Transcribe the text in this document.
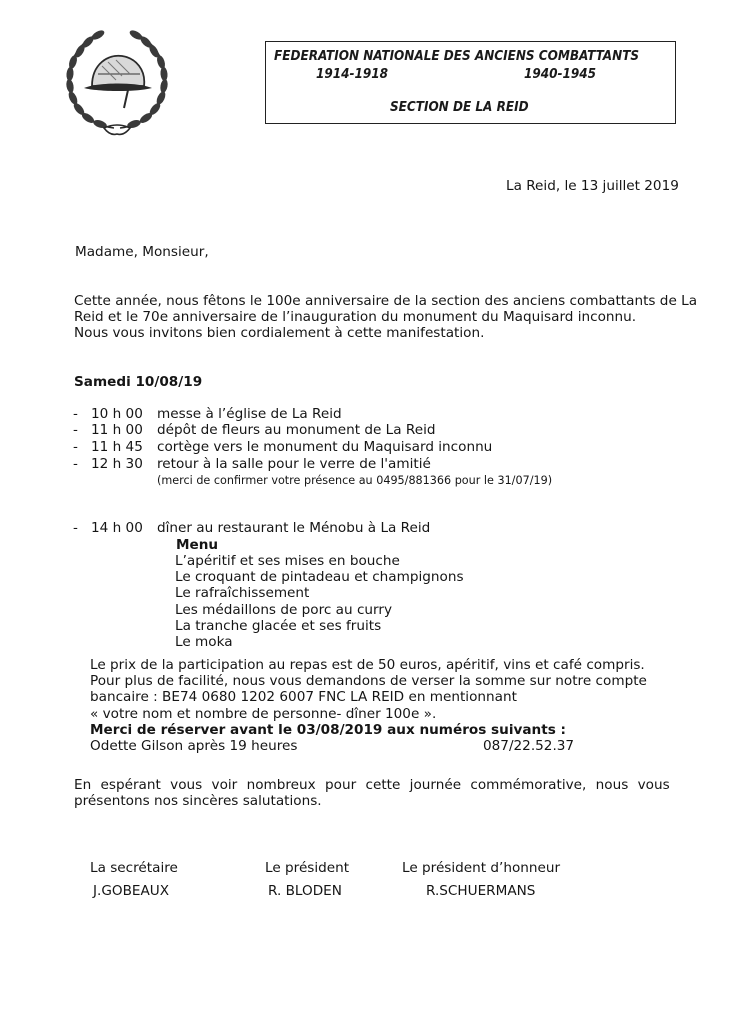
FEDERATION NATIONALE DES ANCIENS COMBATTANTS
1914-1918	1940-1945
SECTION DE LA REID
La Reid, le 13 juillet 2019
Madame, Monsieur,
Cette année, nous fêtons le 100e anniversaire de la section des anciens combattants de La
Reid et le 70e anniversaire de l’inauguration du monument du Maquisard inconnu.
Nous vous invitons bien cordialement à cette manifestation.
Samedi 10/08/19
- 10 h 00 messe à l’église de La Reid
- 11 h 00 dépôt de fleurs au monument de La Reid
- 11 h 45 cortège vers le monument du Maquisard inconnu
- 12 h 30 retour à la salle pour le verre de l'amitié
(merci de confirmer votre présence au 0495/881366 pour le 31/07/19)
- 14 h 00 dîner au restaurant le Ménobu à La Reid
Menu
L’apéritif et ses mises en bouche
Le croquant de pintadeau et champignons
Le rafraîchissement
Les médaillons de porc au curry
La tranche glacée et ses fruits
Le moka
Le prix de la participation au repas est de 50 euros, apéritif, vins et café compris.
Pour plus de facilité, nous vous demandons de verser la somme sur notre compte
bancaire : BE74 0680 1202 6007 FNC LA REID en mentionnant
« votre nom et nombre de personne- dîner 100e ».
Merci de réserver avant le 03/08/2019 aux numéros suivants :
Odette Gilson après 19 heures	087/22.52.37
En espérant vous voir nombreux pour cette journée commémorative, nous vous
présentons nos sincères salutations.
La secrétaire
J.GOBEAUX
Le président
R. BLODEN
Le président d’honneur
R.SCHUERMANS
